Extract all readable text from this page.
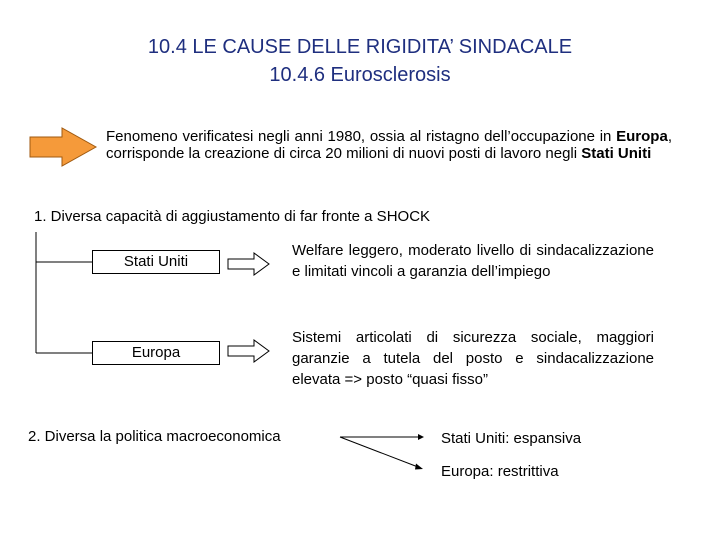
10.4 LE CAUSE DELLE RIGIDITA’ SINDACALE
10.4.6 Eurosclerosis
Fenomeno verificatesi negli anni 1980, ossia al ristagno dell’occupazione in Europa, corrisponde la creazione di circa 20 milioni di nuovi posti di lavoro negli Stati Uniti
1. Diversa capacità di aggiustamento di far fronte a SHOCK
Stati Uniti
Europa
Welfare leggero, moderato livello di sindacalizzazione e limitati vincoli a garanzia dell’impiego
Sistemi articolati di sicurezza sociale, maggiori garanzie a tutela del posto e sindacalizzazione elevata => posto “quasi fisso”
2. Diversa la politica macroeconomica	Stati Uniti: espansiva
Europa: restrittiva
